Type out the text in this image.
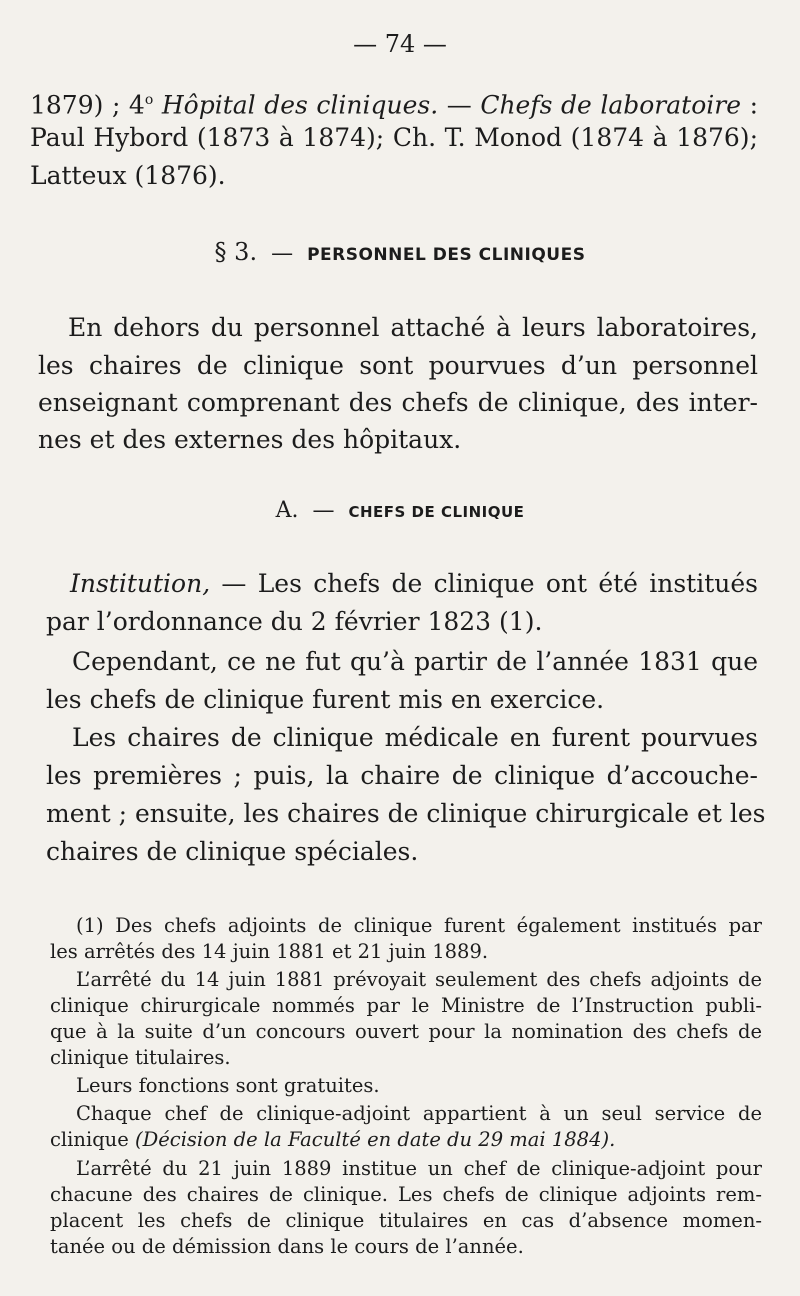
— 74 —
1879) ; 4$^o$ Hôpital des cliniques. — Chefs de laboratoire :
Paul Hybord (1873 à 1874); Ch. T. Monod (1874 à 1876);
Latteux (1876).
§ 3. — PERSONNEL DES CLINIQUES
En dehors du personnel attaché à leurs laboratoires,
les chaires de clinique sont pourvues d’un personnel
enseignant comprenant des chefs de clinique, des inter-
nes et des externes des hôpitaux.
A. — CHEFS DE CLINIQUE
Institution, — Les chefs de clinique ont été institués
par l’ordonnance du 2 février 1823 (1).
Cependant, ce ne fut qu’à partir de l’année 1831 que
les chefs de clinique furent mis en exercice.
Les chaires de clinique médicale en furent pourvues
les premières ; puis, la chaire de clinique d’accouche-
ment ; ensuite, les chaires de clinique chirurgicale et les
chaires de clinique spéciales.
(1) Des chefs adjoints de clinique furent également institués par
les arrêtés des 14 juin 1881 et 21 juin 1889.
L’arrêté du 14 juin 1881 prévoyait seulement des chefs adjoints de
clinique chirurgicale nommés par le Ministre de l’Instruction publi-
que à la suite d’un concours ouvert pour la nomination des chefs de
clinique titulaires.
Leurs fonctions sont gratuites.
Chaque chef de clinique-adjoint appartient à un seul service de
clinique (Décision de la Faculté en date du 29 mai 1884).
L’arrêté du 21 juin 1889 institue un chef de clinique-adjoint pour
chacune des chaires de clinique. Les chefs de clinique adjoints rem-
placent les chefs de clinique titulaires en cas d’absence momen-
tanée ou de démission dans le cours de l’année.
